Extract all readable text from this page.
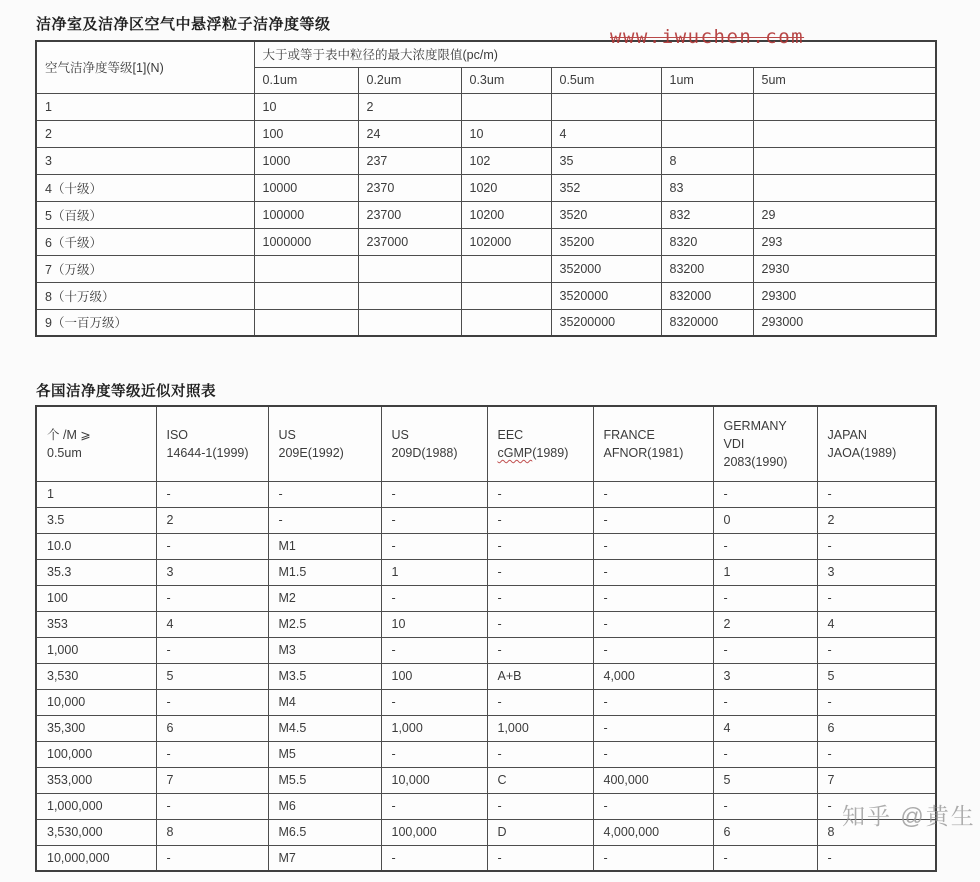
洁净室及洁净区空气中悬浮粒子洁净度等级
空气洁净度等级[1](N)	大于或等于表中粒径的最大浓度限值(pc/m)					
	0.1um	0.2um	0.3um	0.5um	1um	5um
1	10	2				
2	100	24	10	4		
3	1000	237	102	35	8	
4（十级）	10000	2370	1020	352	83	
5（百级）	100000	23700	10200	3520	832	29
6（千级）	1000000	237000	102000	35200	8320	293
7（万级）				352000	83200	2930
8（十万级）				3520000	832000	29300
9（一百万级）				35200000	8320000	293000
各国洁净度等级近似对照表
个 /M ⩾
0.5um

ISO
14644-1(1999)

US
209E(1992)

US
209D(1988)

EEC
cGMP(1989)

FRANCE
AFNOR(1981)

GERMANY
VDI
2083(1990)

JAPAN
JAOA(1989)

1	-	-	-	-	-	-	-
3.5	2	-	-	-	-	0	2
10.0	-	M1	-	-	-	-	-
35.3	3	M1.5	1	-	-	1	3
100	-	M2	-	-	-	-	-
353	4	M2.5	10	-	-	2	4
1,000	-	M3	-	-	-	-	-
3,530	5	M3.5	100	A+B	4,000	3	5
10,000	-	M4	-	-	-	-	-
35,300	6	M4.5	1,000	1,000	-	4	6
100,000	-	M5	-	-	-	-	-
353,000	7	M5.5	10,000	C	400,000	5	7
1,000,000	-	M6	-	-	-	-	-
3,530,000	8	M6.5	100,000	D	4,000,000	6	8
10,000,000	-	M7	-	-	-	-	-
www.iwuchen.com
知乎 @黄生
